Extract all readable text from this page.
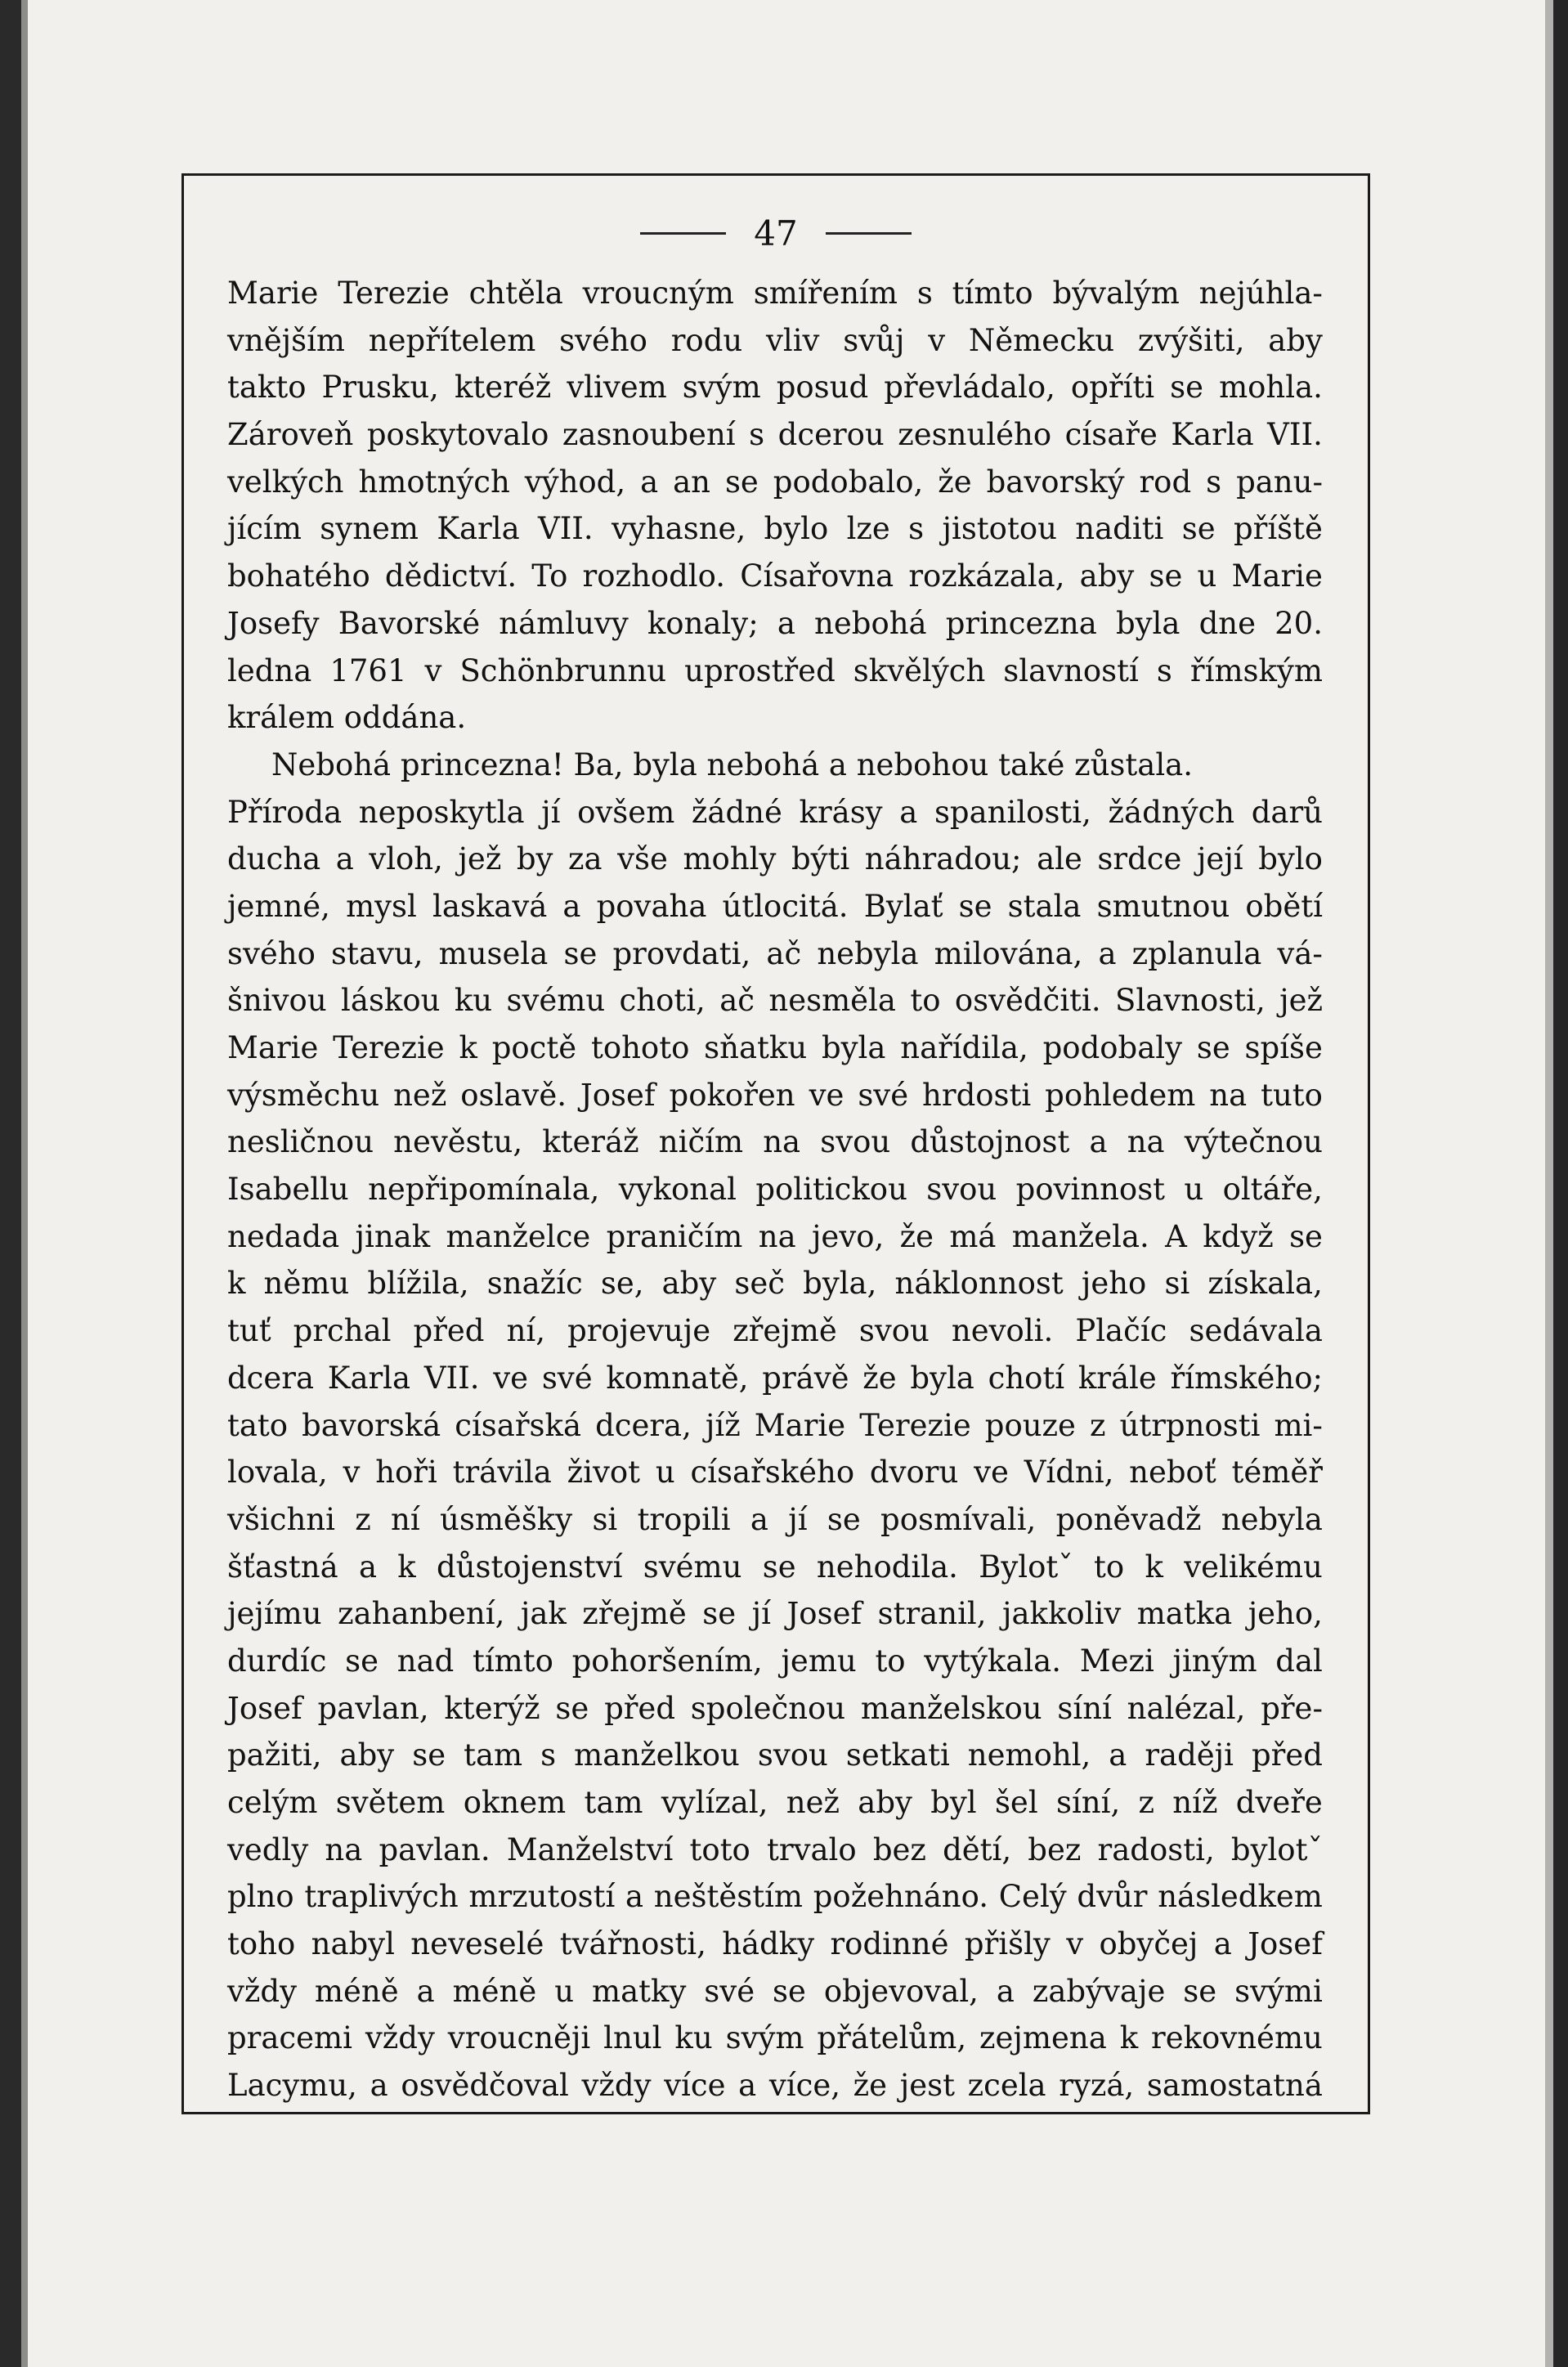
47
Marie Terezie chtěla vroucným smířením s tímto bývalým nejúhla-
vnějším nepřítelem svého rodu vliv svůj v Německu zvýšiti, aby
takto Prusku, kteréž vlivem svým posud převládalo, opříti se mohla.
Zároveň poskytovalo zasnoubení s dcerou zesnulého císaře Karla VII.
velkých hmotných výhod, a an se podobalo, že bavorský rod s panu-
jícím synem Karla VII. vyhasne, bylo lze s jistotou naditi se příště
bohatého dědictví. To rozhodlo. Císařovna rozkázala, aby se u Marie
Josefy Bavorské námluvy konaly; a nebohá princezna byla dne 20.
ledna 1761 v Schönbrunnu uprostřed skvělých slavností s římským
králem oddána.
Nebohá princezna! Ba, byla nebohá a nebohou také zůstala.
Příroda neposkytla jí ovšem žádné krásy a spanilosti, žádných darů
ducha a vloh, jež by za vše mohly býti náhradou; ale srdce její bylo
jemné, mysl laskavá a povaha útlocitá. Bylať se stala smutnou obětí
svého stavu, musela se provdati, ač nebyla milována, a zplanula vá-
šnivou láskou ku svému choti, ač nesměla to osvědčiti. Slavnosti, jež
Marie Terezie k poctě tohoto sňatku byla nařídila, podobaly se spíše
výsměchu než oslavě. Josef pokořen ve své hrdosti pohledem na tuto
nesličnou nevěstu, kteráž ničím na svou důstojnost a na výtečnou
Isabellu nepřipomínala, vykonal politickou svou povinnost u oltáře,
nedada jinak manželce praničím na jevo, že má manžela. A když se
k němu blížila, snažíc se, aby seč byla, náklonnost jeho si získala,
tuť prchal před ní, projevuje zřejmě svou nevoli. Plačíc sedávala
dcera Karla VII. ve své komnatě, právě že byla chotí krále římského;
tato bavorská císařská dcera, jíž Marie Terezie pouze z útrpnosti mi-
lovala, v hoři trávila život u císařského dvoru ve Vídni, neboť téměř
všichni z ní úsměšky si tropili a jí se posmívali, poněvadž nebyla
šťastná a k důstojenství svému se nehodila. Bylotˇ to k velikému
jejímu zahanbení, jak zřejmě se jí Josef stranil, jakkoliv matka jeho,
durdíc se nad tímto pohoršením, jemu to vytýkala. Mezi jiným dal
Josef pavlan, kterýž se před společnou manželskou síní nalézal, pře-
pažiti, aby se tam s manželkou svou setkati nemohl, a raději před
celým světem oknem tam vylízal, než aby byl šel síní, z níž dveře
vedly na pavlan. Manželství toto trvalo bez dětí, bez radosti, bylotˇ
plno traplivých mrzutostí a neštěstím požehnáno. Celý dvůr následkem
toho nabyl neveselé tvářnosti, hádky rodinné přišly v obyčej a Josef
vždy méně a méně u matky své se objevoval, a zabývaje se svými
pracemi vždy vroucněji lnul ku svým přátelům, zejmena k rekovnému
Lacymu, a osvědčoval vždy více a více, že jest zcela ryzá, samostatná
